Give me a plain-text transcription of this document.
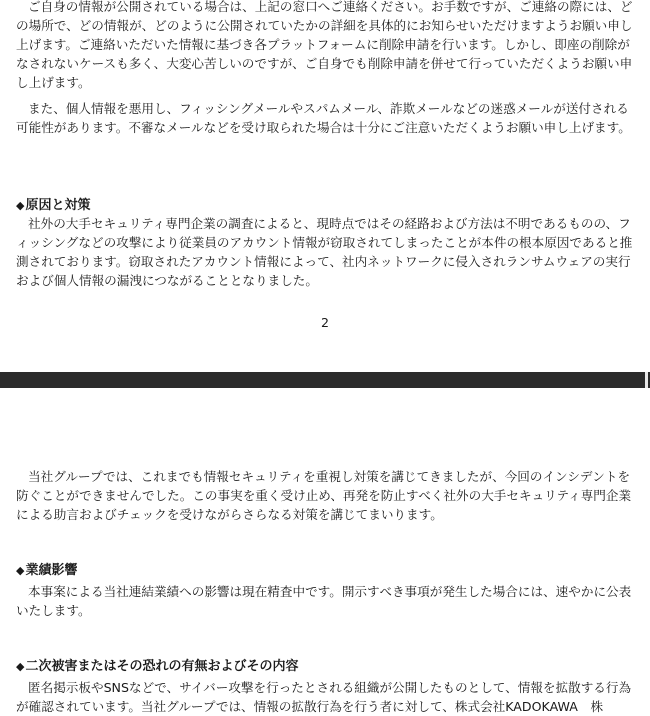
ご自身の情報が公開されている場合は、上記の窓口へご連絡ください。お手数ですが、ご連絡の際には、どの場所で、どの情報が、どのように公開されていたかの詳細を具体的にお知らせいただけますようお願い申し上げます。ご連絡いただいた情報に基づき各プラットフォームに削除申請を行います。しかし、即座の削除がなされないケースも多く、大変心苦しいのですが、ご自身でも削除申請を併せて行っていただくようお願い申し上げます。

また、個人情報を悪用し、フィッシングメールやスパムメール、詐欺メールなどの迷惑メールが送付される可能性があります。不審なメールなどを受け取られた場合は十分にご注意いただくようお願い申し上げます。

◆原因と対策

社外の大手セキュリティ専門企業の調査によると、現時点ではその経路および方法は不明であるものの、フィッシングなどの攻撃により従業員のアカウント情報が窃取されてしまったことが本件の根本原因であると推測されております。窃取されたアカウント情報によって、社内ネットワークに侵入されランサムウェアの実行および個人情報の漏洩につながることとなりました。

2

当社グループでは、これまでも情報セキュリティを重視し対策を講じてきましたが、今回のインシデントを防ぐことができませんでした。この事実を重く受け止め、再発を防止すべく社外の大手セキュリティ専門企業による助言およびチェックを受けながらさらなる対策を講じてまいります。

◆業績影響

本事案による当社連結業績への影響は現在精査中です。開示すべき事項が発生した場合には、速やかに公表いたします。

◆二次被害またはその恐れの有無およびその内容

匿名掲示板やSNSなどで、サイバー攻撃を行ったとされる組織が公開したものとして、情報を拡散する行為が確認されています。当社グループでは、情報の拡散行為を行う者に対して、株式会社KADOKAWA　株
